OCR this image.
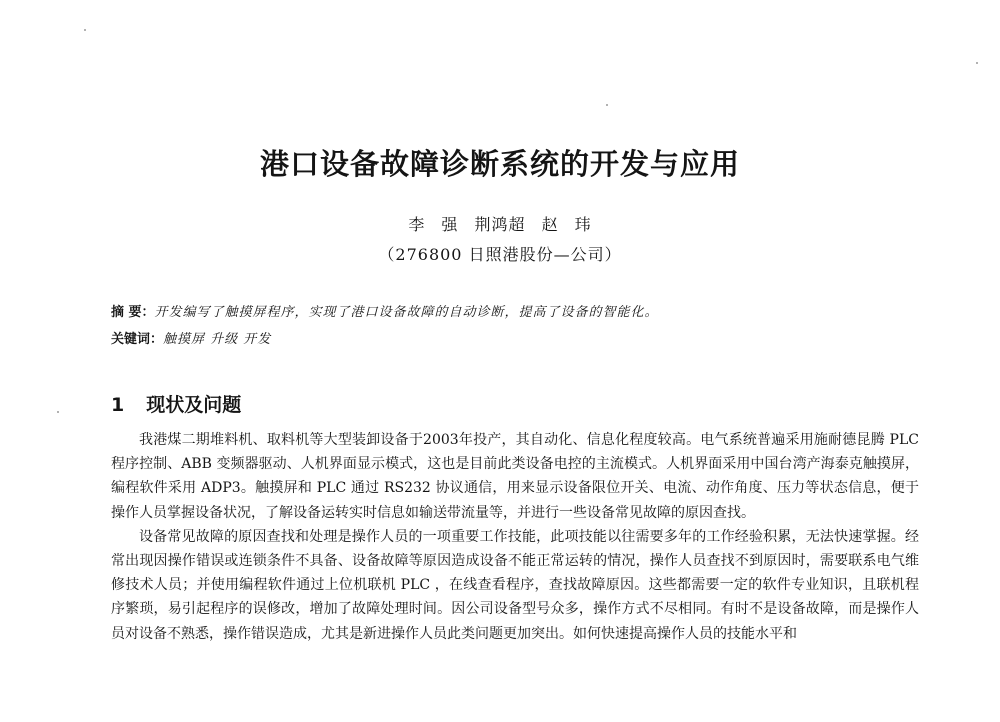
港口设备故障诊断系统的开发与应用
李 强 荆鸿超 赵 玮
（276800 日照港股份—公司）
摘 要：开发编写了触摸屏程序，实现了港口设备故障的自动诊断，提高了设备的智能化。
关键词：触摸屏 升级 开发
1 现状及问题

我港煤二期堆料机、取料机等大型装卸设备于2003年投产，其自动化、信息化程度较高。电气系统普遍采用施耐德昆腾 PLC 程序控制、ABB 变频器驱动、人机界面显示模式，这也是目前此类设备电控的主流模式。人机界面采用中国台湾产海泰克触摸屏，编程软件采用 ADP3。触摸屏和 PLC 通过 RS232 协议通信，用来显示设备限位开关、电流、动作角度、压力等状态信息，便于操作人员掌握设备状况，了解设备运转实时信息如输送带流量等，并进行一些设备常见故障的原因查找。

设备常见故障的原因查找和处理是操作人员的一项重要工作技能，此项技能以往需要多年的工作经验积累，无法快速掌握。经常出现因操作错误或连锁条件不具备、设备故障等原因造成设备不能正常运转的情况，操作人员查找不到原因时，需要联系电气维修技术人员；并使用编程软件通过上位机联机 PLC ，在线查看程序，查找故障原因。这些都需要一定的软件专业知识，且联机程序繁琐，易引起程序的误修改，增加了故障处理时间。因公司设备型号众多，操作方式不尽相同。有时不是设备故障，而是操作人员对设备不熟悉，操作错误造成，尤其是新进操作人员此类问题更加突出。如何快速提高操作人员的技能水平和
